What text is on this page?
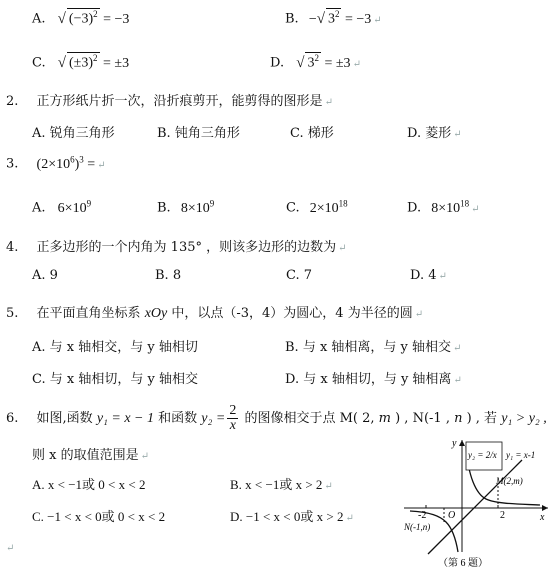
A. √ $(-3)^2 = -3$	B. −√ $3^2 = -3$ ↵
C. √ $(\pm 3)^2 = \pm 3$	D. √ $3^2 = \pm 3$ ↵
2. 正方形纸片折一次，沿折痕剪开，能剪得的图形是 ↵
A. 锐角三角形	B. 钝角三角形	C. 梯形	D. 菱形 ↵
3. $(2\times 10^6)^3$ = ↵
A. $6\times 10^9$	B. $8\times 10^9$	C. $2\times 10^{18}$	D. $8\times 10^{18}↵$
4. 正多边形的一个内角为 135° ，则该多边形的边数为 ↵
A. 9	B. 8	C. 7	D. 4 ↵
5. 在平面直角坐标系 xOy 中，以点（-3，4）为圆心，4 为半径的圆 ↵
A. 与 x 轴相交，与 y 轴相切	B. 与 x 轴相离，与 y 轴相交 ↵
C. 与 x 轴相切，与 y 轴相交	D. 与 x 轴相切，与 y 轴相离 ↵
6. 如图,函数 y₁ = x − 1 和函数 $y_2 = \frac{2}{x}$ 的图像相交于点 M( 2, m ) , N(-1 , n ) , 若 y₁ > y₂ ,
则 x 的取值范围是 ↵
A. x < −1或 0 < x < 2	B. x < −1或 x > 2 ↵
C. −1 < x < 0或 0 < x < 2	D. −1 < x < 0或 x > 2 ↵
↵
y₂ = 2/x y₁ = x-1
y
x
O
-2	2
M(2,m)
N(-1,n)
（第 6 题）
